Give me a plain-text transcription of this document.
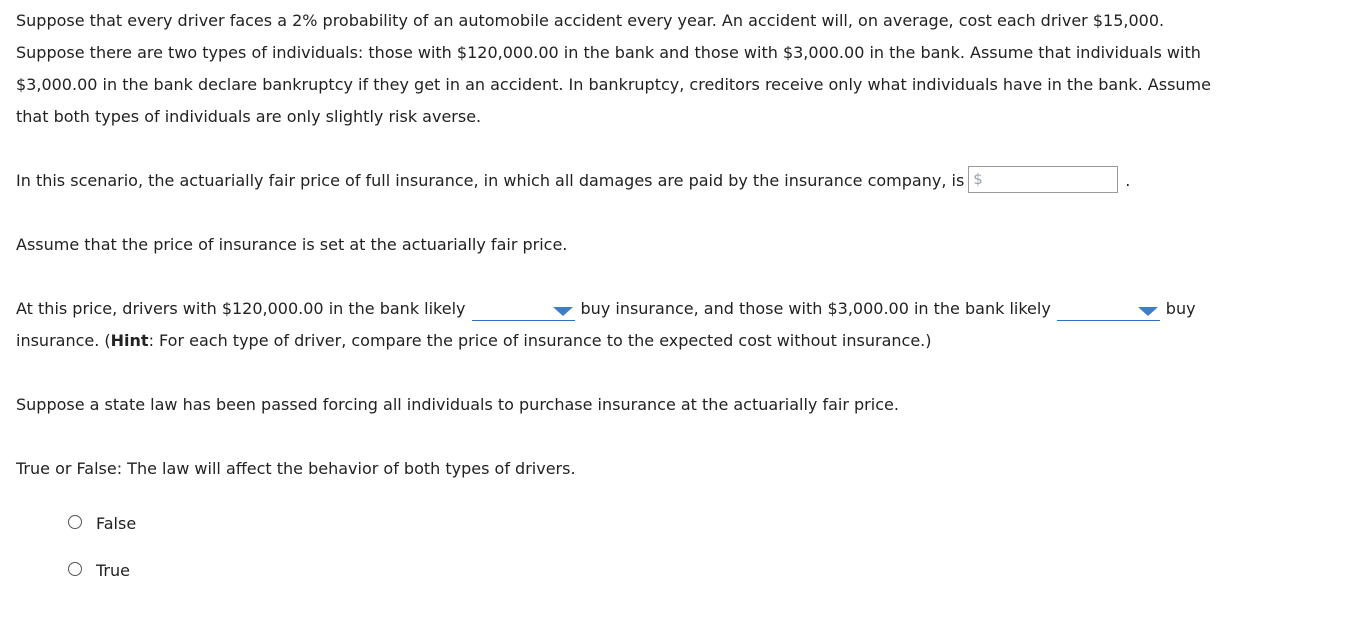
Suppose that every driver faces a 2% probability of an automobile accident every year. An accident will, on average, cost each driver $15,000.
Suppose there are two types of individuals: those with $120,000.00 in the bank and those with $3,000.00 in the bank. Assume that individuals with
$3,000.00 in the bank declare bankruptcy if they get in an accident. In bankruptcy, creditors receive only what individuals have in the bank. Assume
that both types of individuals are only slightly risk averse.
In this scenario, the actuarially fair price of full insurance, in which all damages are paid by the insurance company, is $	.
Assume that the price of insurance is set at the actuarially fair price.
At this price, drivers with $120,000.00 in the bank likely	buy insurance, and those with $3,000.00 in the bank likely	buy
insurance. (Hint: For each type of driver, compare the price of insurance to the expected cost without insurance.)
Suppose a state law has been passed forcing all individuals to purchase insurance at the actuarially fair price.
True or False: The law will affect the behavior of both types of drivers.
False
True
